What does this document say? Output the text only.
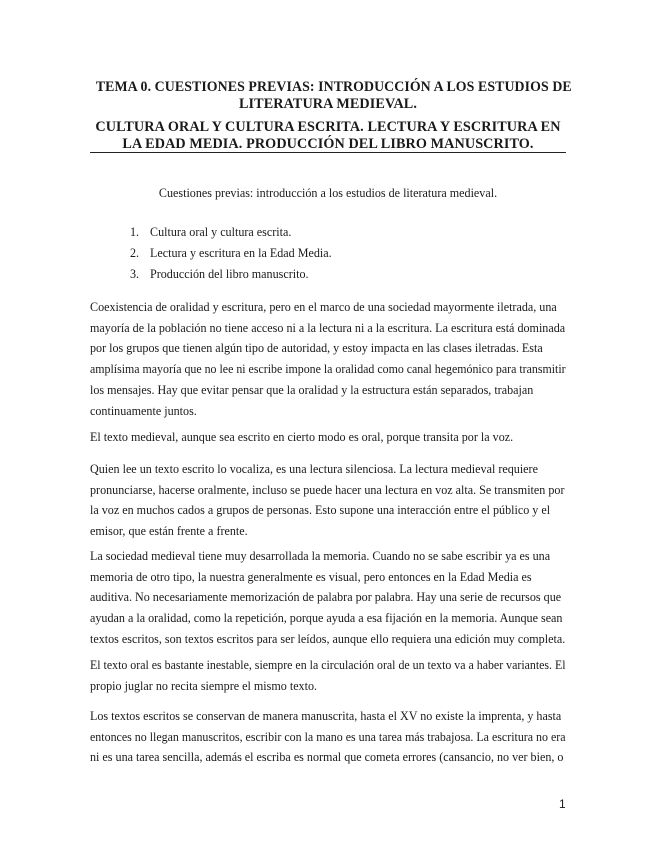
TEMA 0. CUESTIONES PREVIAS: INTRODUCCIÓN A LOS ESTUDIOS DE
LITERATURA MEDIEVAL.
CULTURA ORAL Y CULTURA ESCRITA. LECTURA Y ESCRITURA EN
LA EDAD MEDIA. PRODUCCIÓN DEL LIBRO MANUSCRITO.
Cuestiones previas: introducción a los estudios de literatura medieval.
1. Cultura oral y cultura escrita.
2. Lectura y escritura en la Edad Media.
3. Producción del libro manuscrito.
Coexistencia de oralidad y escritura, pero en el marco de una sociedad mayormente iletrada, una
mayoría de la población no tiene acceso ni a la lectura ni a la escritura. La escritura está dominada
por los grupos que tienen algún tipo de autoridad, y estoy impacta en las clases iletradas. Esta
amplísima mayoría que no lee ni escribe impone la oralidad como canal hegemónico para transmitir
los mensajes. Hay que evitar pensar que la oralidad y la estructura están separados, trabajan
continuamente juntos.
El texto medieval, aunque sea escrito en cierto modo es oral, porque transita por la voz.
Quien lee un texto escrito lo vocaliza, es una lectura silenciosa. La lectura medieval requiere
pronunciarse, hacerse oralmente, incluso se puede hacer una lectura en voz alta. Se transmiten por
la voz en muchos cados a grupos de personas. Esto supone una interacción entre el público y el
emisor, que están frente a frente.
La sociedad medieval tiene muy desarrollada la memoria. Cuando no se sabe escribir ya es una
memoria de otro tipo, la nuestra generalmente es visual, pero entonces en la Edad Media es
auditiva. No necesariamente memorización de palabra por palabra. Hay una serie de recursos que
ayudan a la oralidad, como la repetición, porque ayuda a esa fijación en la memoria. Aunque sean
textos escritos, son textos escritos para ser leídos, aunque ello requiera una edición muy completa.
El texto oral es bastante inestable, siempre en la circulación oral de un texto va a haber variantes. El
propio juglar no recita siempre el mismo texto.
Los textos escritos se conservan de manera manuscrita, hasta el XV no existe la imprenta, y hasta
entonces no llegan manuscritos, escribir con la mano es una tarea más trabajosa. La escritura no era
ni es una tarea sencilla, además el escriba es normal que cometa errores (cansancio, no ver bien, o
1
